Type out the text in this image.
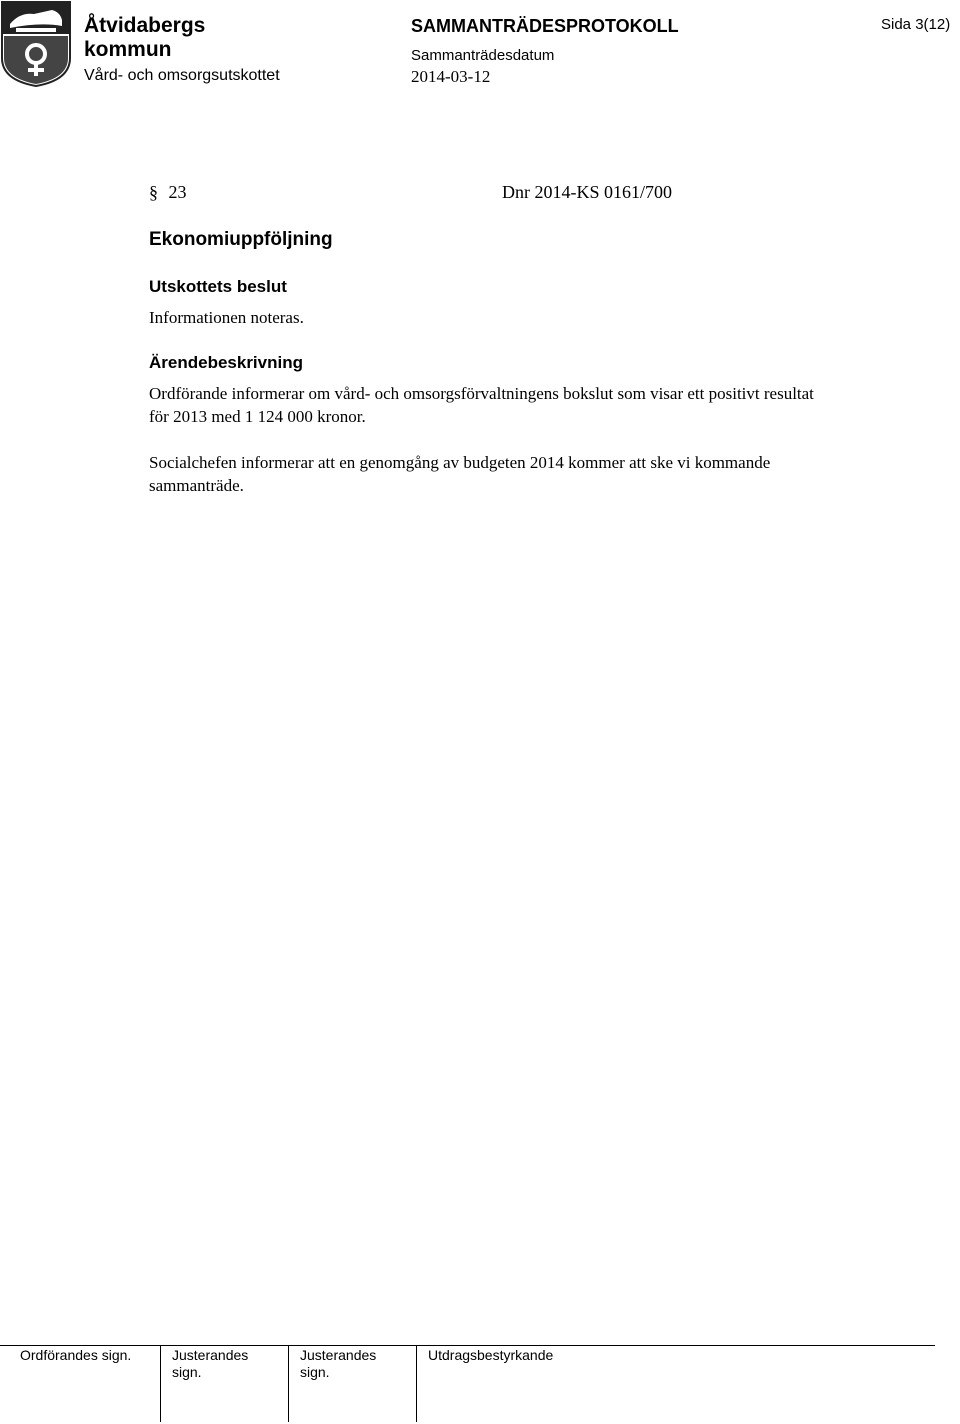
Åtvidabergs
kommun
Vård- och omsorgsutskottet
SAMMANTRÄDESPROTOKOLL
Sammanträdesdatum
2014-03-12
Sida 3(12)
§ 23	Dnr 2014-KS 0161/700
Ekonomiuppföljning
Utskottets beslut
Informationen noteras.
Ärendebeskrivning
Ordförande informerar om vård- och omsorgsförvaltningens bokslut som visar ett positivt resultat för 2013 med 1 124 000 kronor.
Socialchefen informerar att en genomgång av budgeten 2014 kommer att ske vi kommande sammanträde.
Ordförandes sign.	Justerandes
sign.
Justerandes
sign.
Utdragsbestyrkande
